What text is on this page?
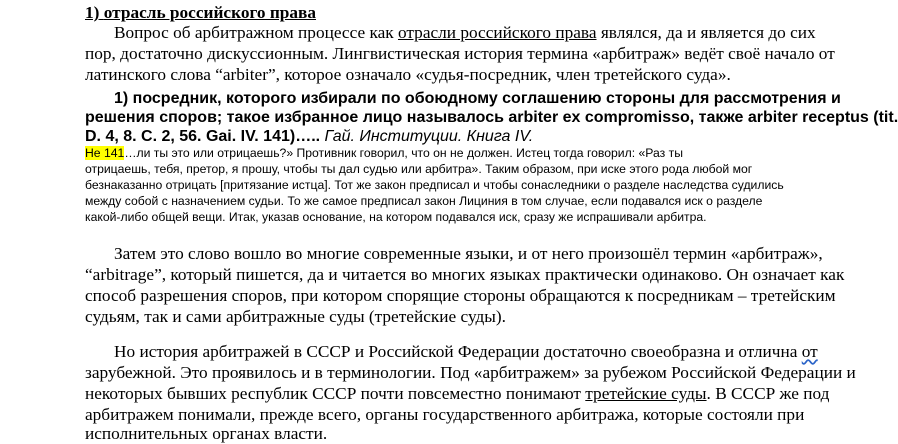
1) отрасль российского права
Вопрос об арбитражном процессе как отрасли российского права являлся, да и является до сих
пор, достаточно дискуссионным. Лингвистическая история термина «арбитраж» ведёт своё начало от
латинского слова “arbiter”, которое означало «судья-посредник, член третейского суда».
1) посредник, которого избирали по обоюдному соглашению стороны для рассмотрения и
решения споров; такое избранное лицо называлось arbiter ex compromisso, также arbiter receptus (tit.
D. 4, 8. C. 2, 56. Gai. IV. 141)….. Гай. Институции. Книга IV.
Не 141…ли ты это или отрицаешь?» Противник говорил, что он не должен. Истец тогда говорил: «Раз ты
отрицаешь, тебя, претор, я прошу, чтобы ты дал судью или арбитра». Таким образом, при иске этого рода любой мог
безнаказанно отрицать [притязание истца]. Тот же закон предписал и чтобы сонаследники о разделе наследства судились
между собой с назначением судьи. То же самое предписал закон Лициния в том случае, если подавался иск о разделе
какой-либо общей вещи. Итак, указав основание, на котором подавался иск, сразу же испрашивали арбитра.
Затем это слово вошло во многие современные языки, и от него произошёл термин «арбитраж»,
“arbitrage”, который пишется, да и читается во многих языках практически одинаково. Он означает как
способ разрешения споров, при котором спорящие стороны обращаются к посредникам – третейским
судьям, так и сами арбитражные суды (третейские суды).
Но история арбитражей в СССР и Российской Федерации достаточно своеобразна и отлична от
зарубежной. Это проявилось и в терминологии. Под «арбитражем» за рубежом Российской Федерации и
некоторых бывших республик СССР почти повсеместно понимают третейские суды. В СССР же под
арбитражем понимали, прежде всего, органы государственного арбитража, которые состояли при
исполнительных органах власти.
